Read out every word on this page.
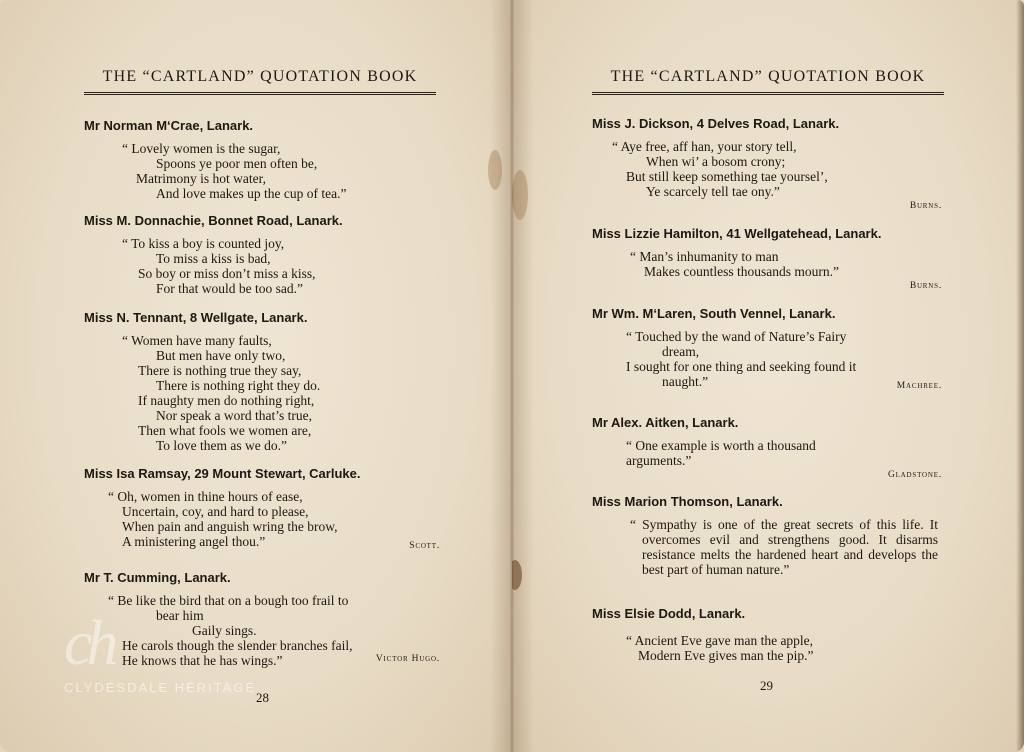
THE “CARTLAND” QUOTATION BOOK

Mr Norman M‘Crae, Lanark.

“ Lovely women is the sugar,
Spoons ye poor men often be,
Matrimony is hot water,
And love makes up the cup of tea.”

Miss M. Donnachie, Bonnet Road, Lanark.

“ To kiss a boy is counted joy,
To miss a kiss is bad,
So boy or miss don’t miss a kiss,
For that would be too sad.”

Miss N. Tennant, 8 Wellgate, Lanark.

“ Women have many faults,
But men have only two,
There is nothing true they say,
There is nothing right they do.
If naughty men do nothing right,
Nor speak a word that’s true,
Then what fools we women are,
To love them as we do.”

Miss Isa Ramsay, 29 Mount Stewart, Carluke.

“ Oh, women in thine hours of ease,
Uncertain, coy, and hard to please,
When pain and anguish wring the brow,
A ministering angel thou.”	Scott.

Mr T. Cumming, Lanark.

“ Be like the bird that on a bough too frail to
bear him
Gaily sings.
He carols though the slender branches fail,
He knows that he has wings.”	Victor Hugo.
ch
CLYDESDALE HERITAGE
28
THE “CARTLAND” QUOTATION BOOK

Miss J. Dickson, 4 Delves Road, Lanark.

“ Aye free, aff han, your story tell,
When wi’ a bosom crony;
But still keep something tae yoursel’,
Ye scarcely tell tae ony.”

Burns.

Miss Lizzie Hamilton, 41 Wellgatehead, Lanark.

“ Man’s inhumanity to man
Makes countless thousands mourn.”

Burns.

Mr Wm. M‘Laren, South Vennel, Lanark.

“ Touched by the wand of Nature’s Fairy
dream,
I sought for one thing and seeking found it
naught.”	Machree.

Mr Alex. Aitken, Lanark.

“ One example is worth a thousand
arguments.”

Gladstone.

Miss Marion Thomson, Lanark.

“ Sympathy is one of the great secrets of this life. It overcomes evil and strengthens good. It disarms resistance melts the hardened heart and develops the best part of human nature.”

Miss Elsie Dodd, Lanark.

“ Ancient Eve gave man the apple,
Modern Eve gives man the pip.”

29
